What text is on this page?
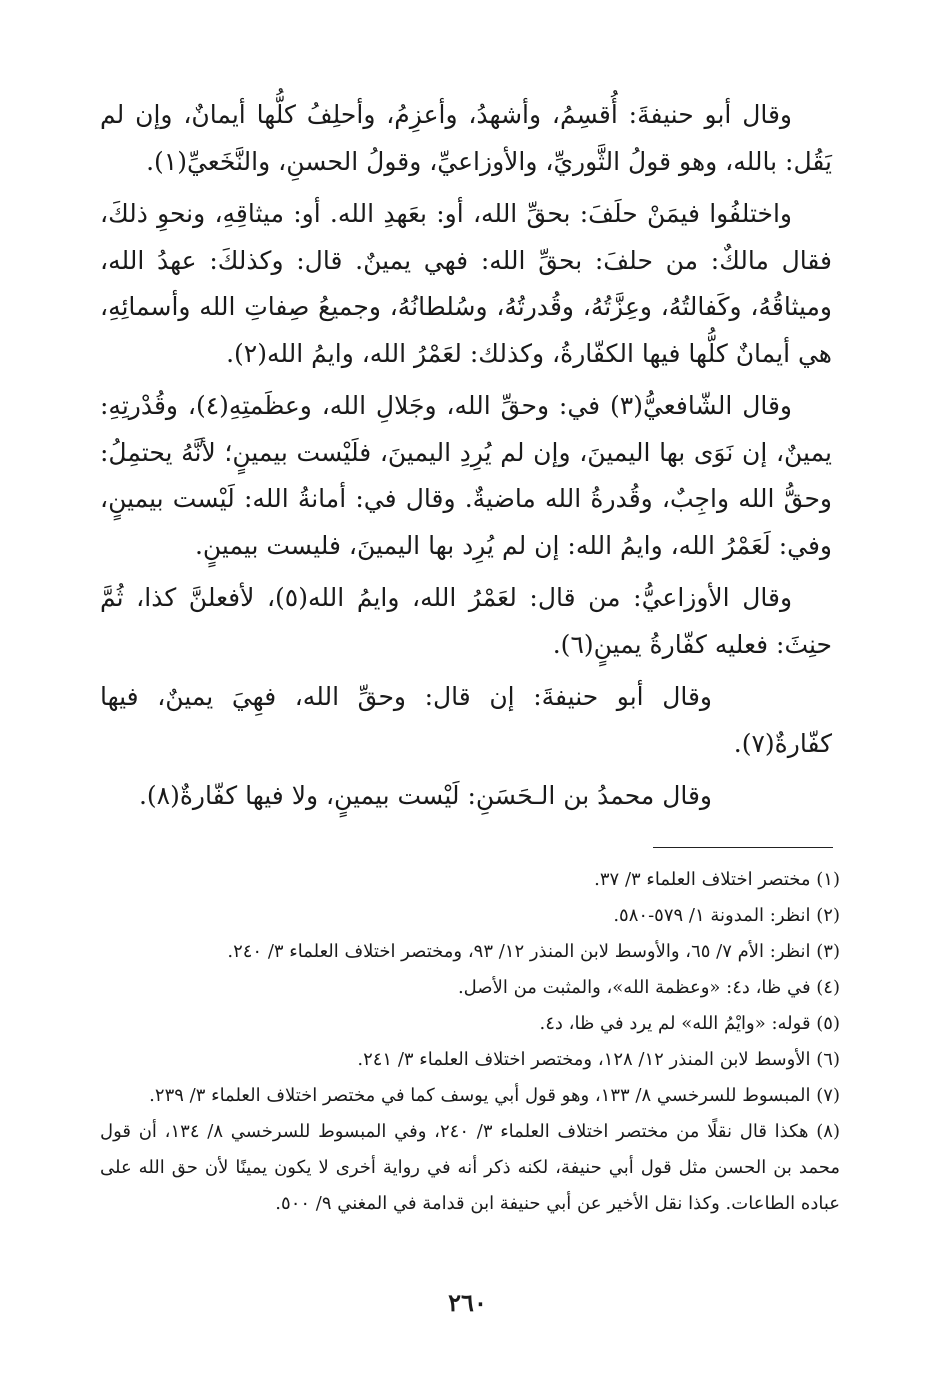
وقال أبو حنيفةَ: أُقسِمُ، وأشهدُ، وأعزِمُ، وأحلِفُ كلُّها أيمانٌ، وإن لم يَقُل: بالله، وهو قولُ الثَّوريِّ، والأوزاعيِّ، وقولُ الحسنِ، والنَّخَعيِّ(١).

واختلفُوا فيمَنْ حلَفَ: بحقِّ الله، أو: بعَهدِ الله. أو: ميثاقِهِ، ونحوِ ذلكَ، فقال مالكٌ: من حلفَ: بحقِّ الله: فهي يمينٌ. قال: وكذلكَ: عهدُ الله، وميثاقُهُ، وكَفالتُهُ، وعِزَّتُهُ، وقُدرتُهُ، وسُلطانُهُ، وجميعُ صِفاتِ الله وأسمائِهِ، هي أيمانٌ كلُّها فيها الكفّارةُ، وكذلك: لعَمْرُ الله، وايمُ الله(٢).

وقال الشّافعيُّ(٣) في: وحقِّ الله، وجَلالِ الله، وعظَمتِهِ(٤)، وقُدْرتِهِ: يمينٌ، إن نَوَى بها اليمينَ، وإن لم يُرِدِ اليمينَ، فلَيْست بيمينٍ؛ لأنَّهُ يحتمِلُ: وحقُّ الله واجِبٌ، وقُدرةُ الله ماضيةٌ. وقال في: أمانةُ الله: لَيْست بيمينٍ، وفي: لَعَمْرُ الله، وايمُ الله: إن لم يُرِد بها اليمينَ، فليست بيمينٍ.

وقال الأوزاعيُّ: من قال: لعَمْرُ الله، وايمُ الله(٥)، لأفعلنَّ كذا، ثُمَّ حنِثَ: فعليه كفّارةُ يمينٍ(٦).

وقال أبو حنيفةَ: إن قال: وحقِّ الله، فهِيَ يمينٌ، فيها كفّارةٌ(٧).

وقال محمدُ بن الـحَسَنِ: لَيْست بيمينٍ، ولا فيها كفّارةٌ(٨).

(١) مختصر اختلاف العلماء ٣/ ٣٧.

(٢) انظر: المدونة ١/ ٥٧٩-٥٨٠.

(٣) انظر: الأم ٧/ ٦٥، والأوسط لابن المنذر ١٢/ ٩٣، ومختصر اختلاف العلماء ٣/ ٢٤٠.

(٤) في ظا، د٤: «وعظمة الله»، والمثبت من الأصل.

(٥) قوله: «وايْمُ الله» لم يرد في ظا، د٤.

(٦) الأوسط لابن المنذر ١٢/ ١٢٨، ومختصر اختلاف العلماء ٣/ ٢٤١.

(٧) المبسوط للسرخسي ٨/ ١٣٣، وهو قول أبي يوسف كما في مختصر اختلاف العلماء ٣/ ٢٣٩.

(٨) هكذا قال نقلًا من مختصر اختلاف العلماء ٣/ ٢٤٠، وفي المبسوط للسرخسي ٨/ ١٣٤، أن قول محمد بن الحسن مثل قول أبي حنيفة، لكنه ذكر أنه في رواية أخرى لا يكون يمينًا لأن حق الله على عباده الطاعات. وكذا نقل الأخير عن أبي حنيفة ابن قدامة في المغني ٩/ ٥٠٠.

٢٦٠
